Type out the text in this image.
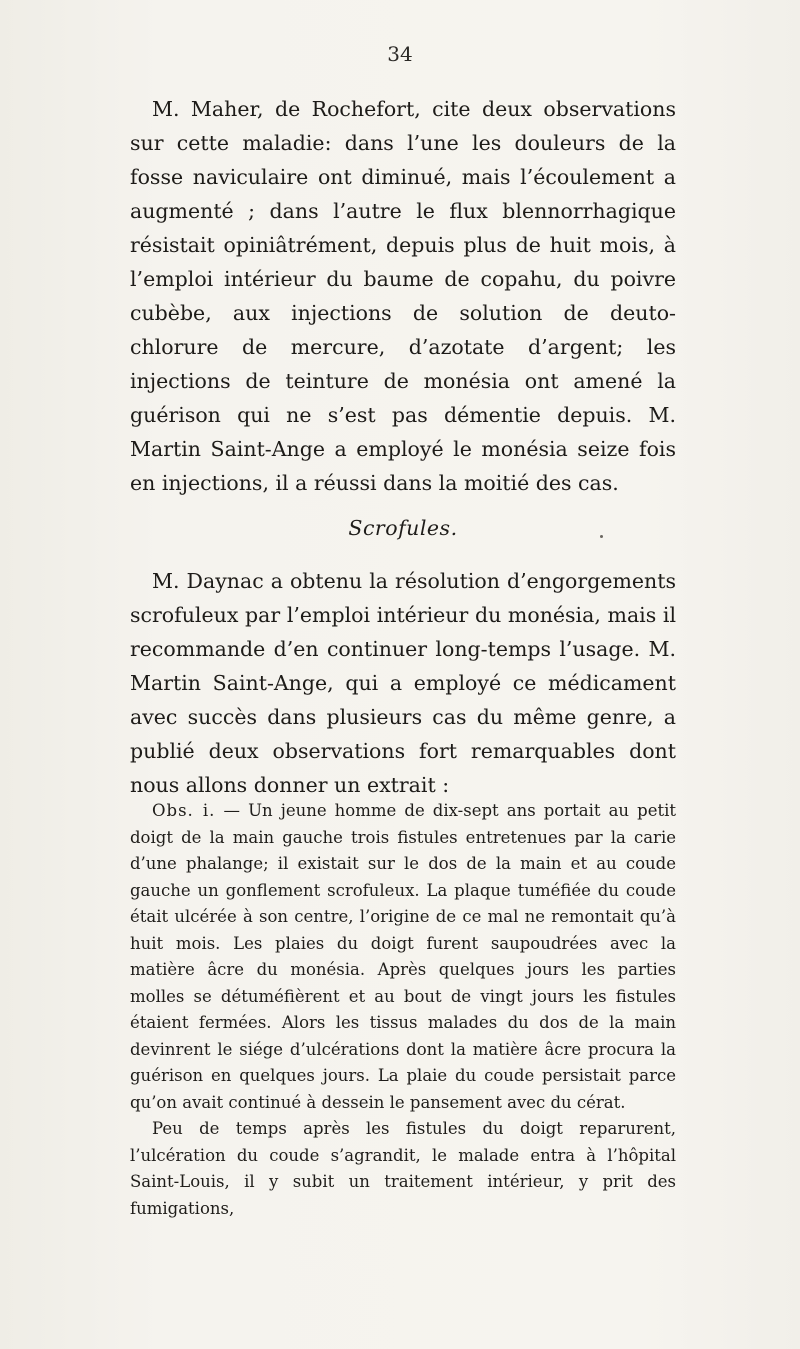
34

M. Maher, de Rochefort, cite deux observations sur cette maladie: dans l’une les douleurs de la fosse naviculaire ont diminué, mais l’écoulement a augmenté ; dans l’autre le flux blennorrhagique résistait opiniâtrément, depuis plus de huit mois, à l’emploi intérieur du baume de copahu, du poivre cubèbe, aux injections de solution de deuto-chlorure de mercure, d’azotate d’argent; les injections de teinture de monésia ont amené la guérison qui ne s’est pas démentie depuis. M. Martin Saint-Ange a employé le monésia seize fois en injections, il a réussi dans la moitié des cas.

Scrofules.

M. Daynac a obtenu la résolution d’engorgements scrofuleux par l’emploi intérieur du monésia, mais il recommande d’en continuer long-temps l’usage. M. Martin Saint-Ange, qui a employé ce médicament avec succès dans plusieurs cas du même genre, a publié deux observations fort remarquables dont nous allons donner un extrait :

Obs. i. — Un jeune homme de dix-sept ans portait au petit doigt de la main gauche trois fistules entretenues par la carie d’une phalange; il existait sur le dos de la main et au coude gauche un gonflement scrofuleux. La plaque tuméfiée du coude était ulcérée à son centre, l’origine de ce mal ne remontait qu’à huit mois. Les plaies du doigt furent saupoudrées avec la matière âcre du monésia. Après quelques jours les parties molles se détuméfièrent et au bout de vingt jours les fistules étaient fermées. Alors les tissus malades du dos de la main devinrent le siége d’ulcérations dont la matière âcre procura la guérison en quelques jours. La plaie du coude persistait parce qu’on avait continué à dessein le pansement avec du cérat.

Peu de temps après les fistules du doigt reparurent, l’ulcération du coude s’agrandit, le malade entra à l’hôpital Saint-Louis, il y subit un traitement intérieur, y prit des fumigations,
